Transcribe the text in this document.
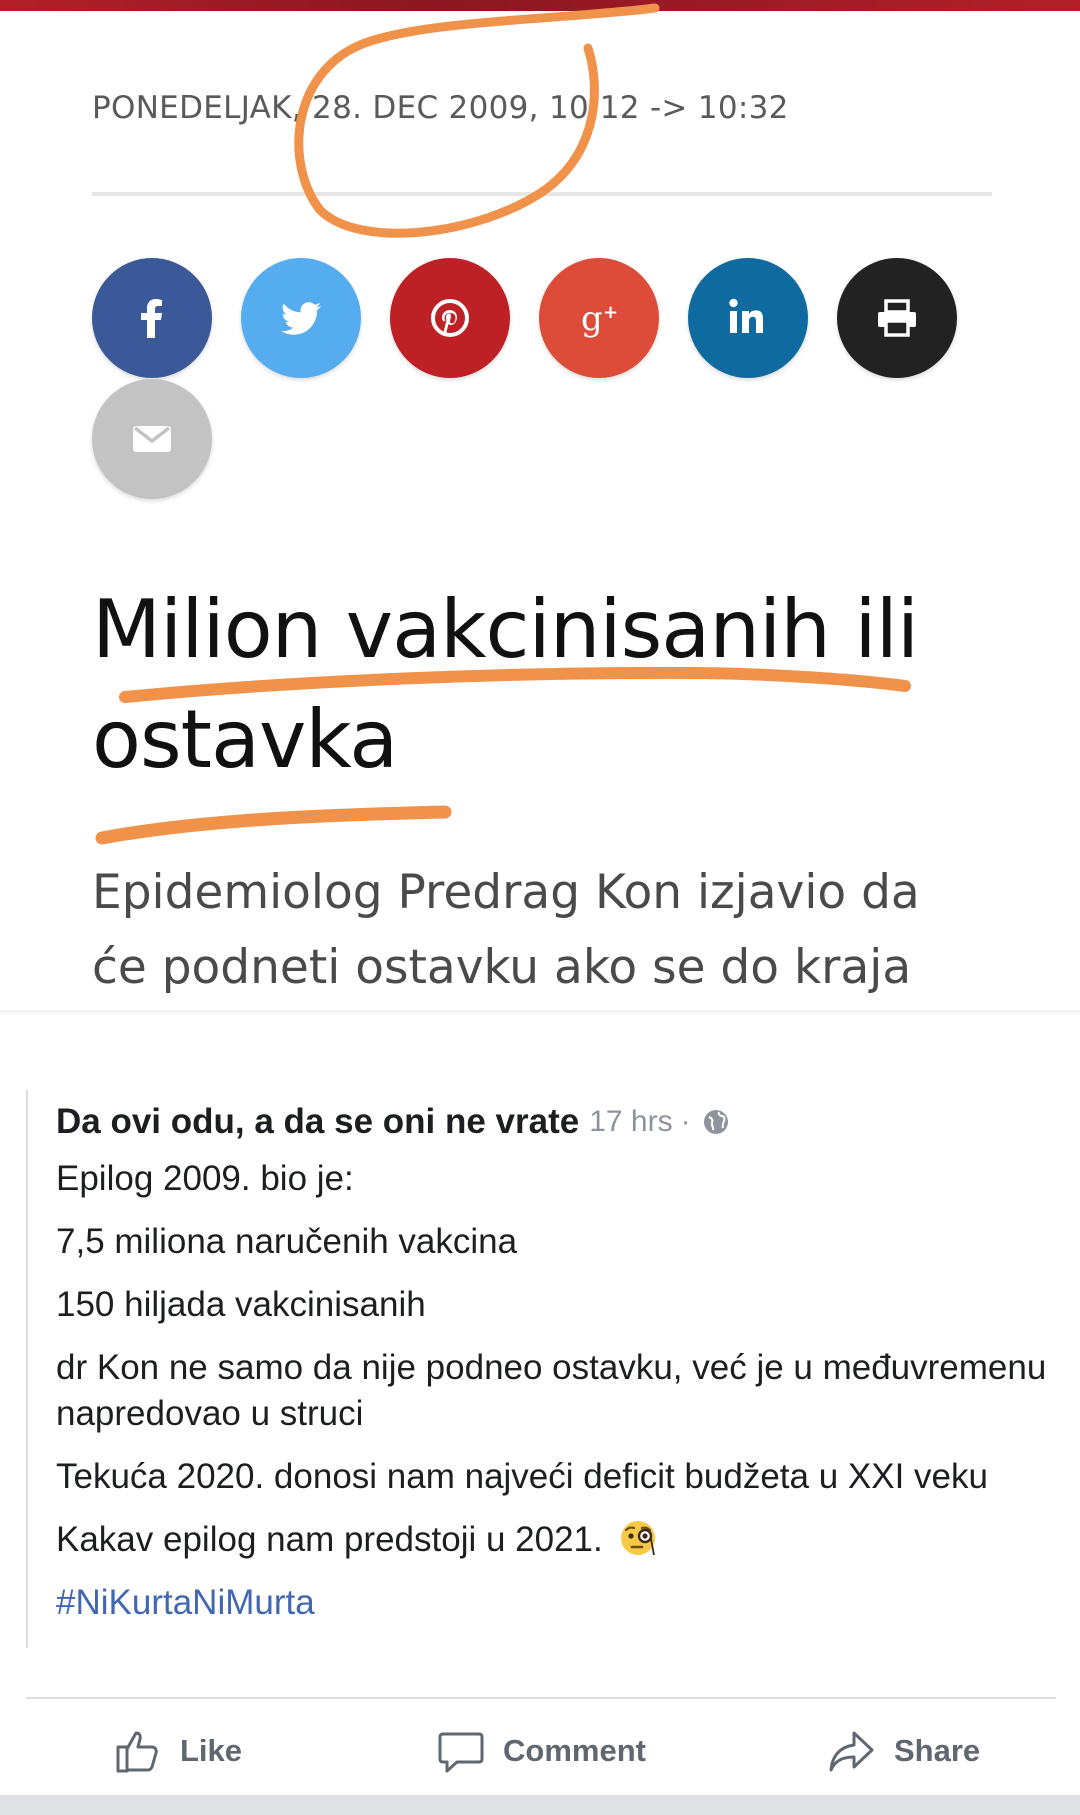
PONEDELJAK, 28. DEC 2009, 10:12 -> 10:32
g +
Milion vakcinisanih ili
ostavka
Epidemiolog Predrag Kon izjavio da
će podneti ostavku ako se do kraja
Da ovi odu, a da se oni ne vrate 17 hrs ·
Epilog 2009. bio je:
7,5 miliona naručenih vakcina
150 hiljada vakcinisanih
dr Kon ne samo da nije podneo ostavku, već je u međuvremenu napredovao u struci
Tekuća 2020. donosi nam najveći deficit budžeta u XXI veku
Kakav epilog nam predstoji u 2021.
#NiKurtaNiMurta
Like	Comment	Share
